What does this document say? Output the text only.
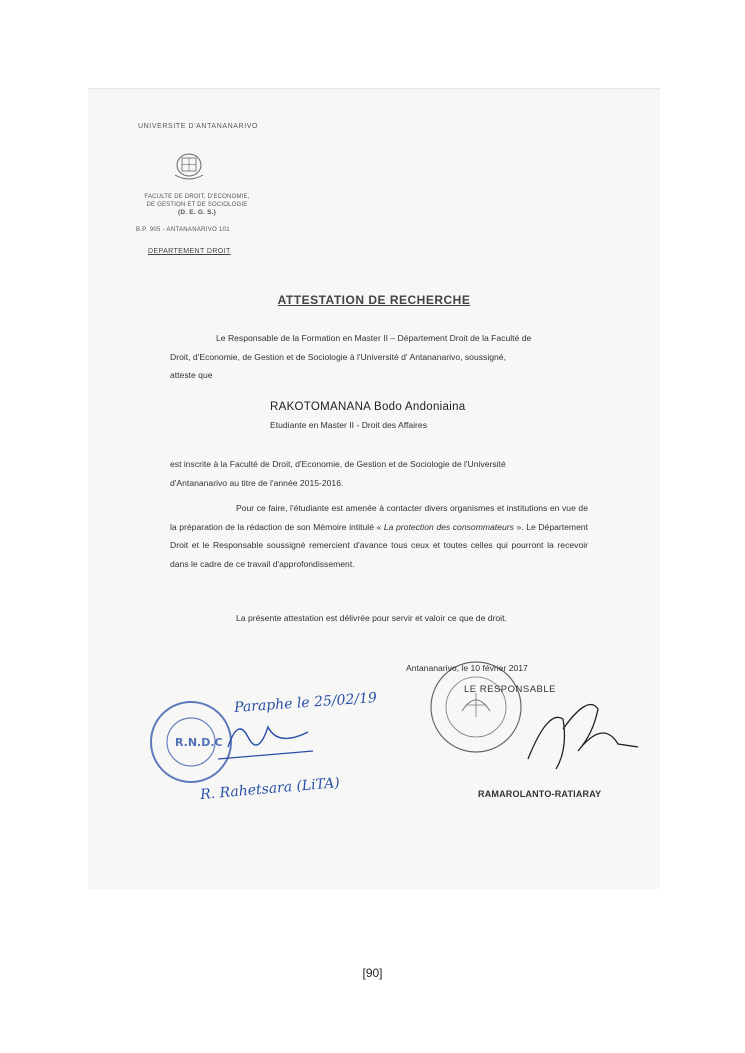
UNIVERSITE D'ANTANANARIVO
FACULTE DE DROIT, D'ECONOMIE,
DE GESTION ET DE SOCIOLOGIE
(D. E. G. S.)
B.P. 905 - ANTANANARIVO 101
DEPARTEMENT DROIT
ATTESTATION DE RECHERCHE
Le Responsable de la Formation en Master II – Département Droit de la Faculté de
Droit, d'Economie, de Gestion et de Sociologie à l'Université d' Antananarivo, soussigné,
atteste que
RAKOTOMANANA Bodo Andoniaina
Etudiante en Master II - Droit des Affaires
est inscrite à la Faculté de Droit, d'Economie, de Gestion et de Sociologie de l'Université
d'Antananarivo au titre de l'année 2015-2016.
Pour ce faire, l'étudiante est amenée à contacter divers organismes et institutions en vue de la préparation de la rédaction de son Mémoire intitulé « La protection des consommateurs ». Le Département Droit et le Responsable soussigné remercient d'avance tous ceux et toutes celles qui pourront la recevoir dans le cadre de ce travail d'approfondissement.
La présente attestation est délivrée pour servir et valoir ce que de droit.
Antananarivo, le 10 février 2017
LE RESPONSABLE
RAMAROLANTO-RATIARAY
R.N.D.C
Paraphe le 25/02/19
R. Rahetsara (LiTA)
[90]
